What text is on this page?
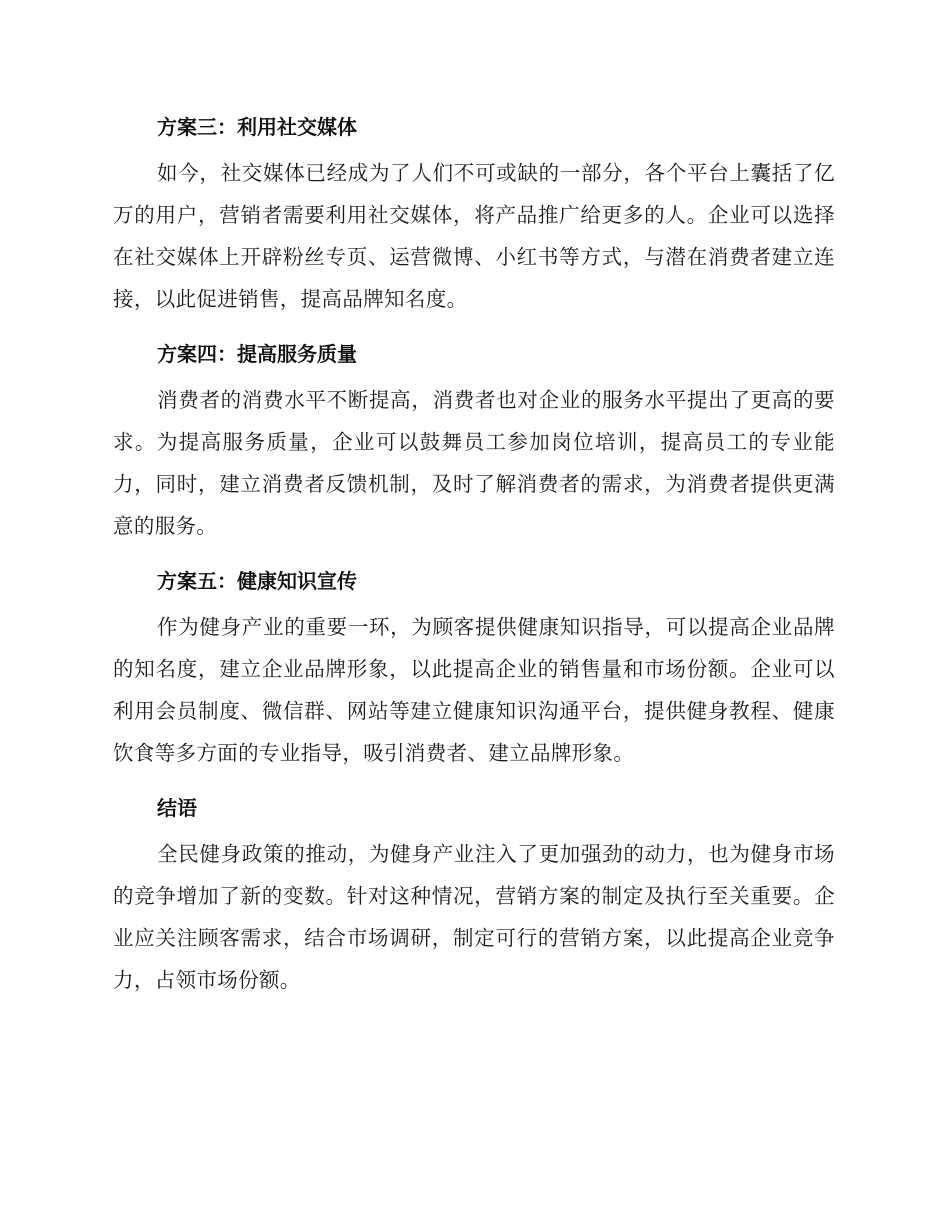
方案三：利用社交媒体

如今，社交媒体已经成为了人们不可或缺的一部分，各个平台上囊括了亿万的用户，营销者需要利用社交媒体，将产品推广给更多的人。企业可以选择在社交媒体上开辟粉丝专页、运营微博、小红书等方式，与潜在消费者建立连接，以此促进销售，提高品牌知名度。

方案四：提高服务质量

消费者的消费水平不断提高，消费者也对企业的服务水平提出了更高的要求。为提高服务质量，企业可以鼓舞员工参加岗位培训，提高员工的专业能力，同时，建立消费者反馈机制，及时了解消费者的需求，为消费者提供更满意的服务。

方案五：健康知识宣传

作为健身产业的重要一环，为顾客提供健康知识指导，可以提高企业品牌的知名度，建立企业品牌形象，以此提高企业的销售量和市场份额。企业可以利用会员制度、微信群、网站等建立健康知识沟通平台，提供健身教程、健康饮食等多方面的专业指导，吸引消费者、建立品牌形象。

结语

全民健身政策的推动，为健身产业注入了更加强劲的动力，也为健身市场的竞争增加了新的变数。针对这种情况，营销方案的制定及执行至关重要。企业应关注顾客需求，结合市场调研，制定可行的营销方案，以此提高企业竞争力，占领市场份额。
